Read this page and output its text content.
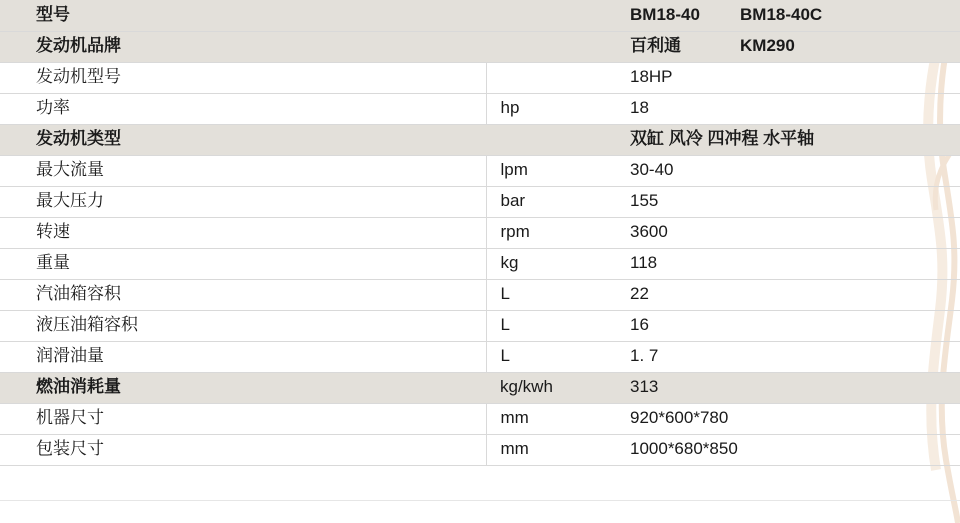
型号		BM18-40	BM18-40C
发动机品牌		百利通	KM290
发动机型号		18HP	
功率	hp	18	
发动机类型		双缸 风冷 四冲程 水平轴	
最大流量	lpm	30-40	
最大压力	bar	155	
转速	rpm	3600	
重量	kg	118	
汽油箱容积	L	22	
液压油箱容积	L	16	
润滑油量	L	1. 7	
燃油消耗量	kg/kwh	313	
机器尺寸	mm	920*600*780	
包装尺寸	mm	1000*680*850	
